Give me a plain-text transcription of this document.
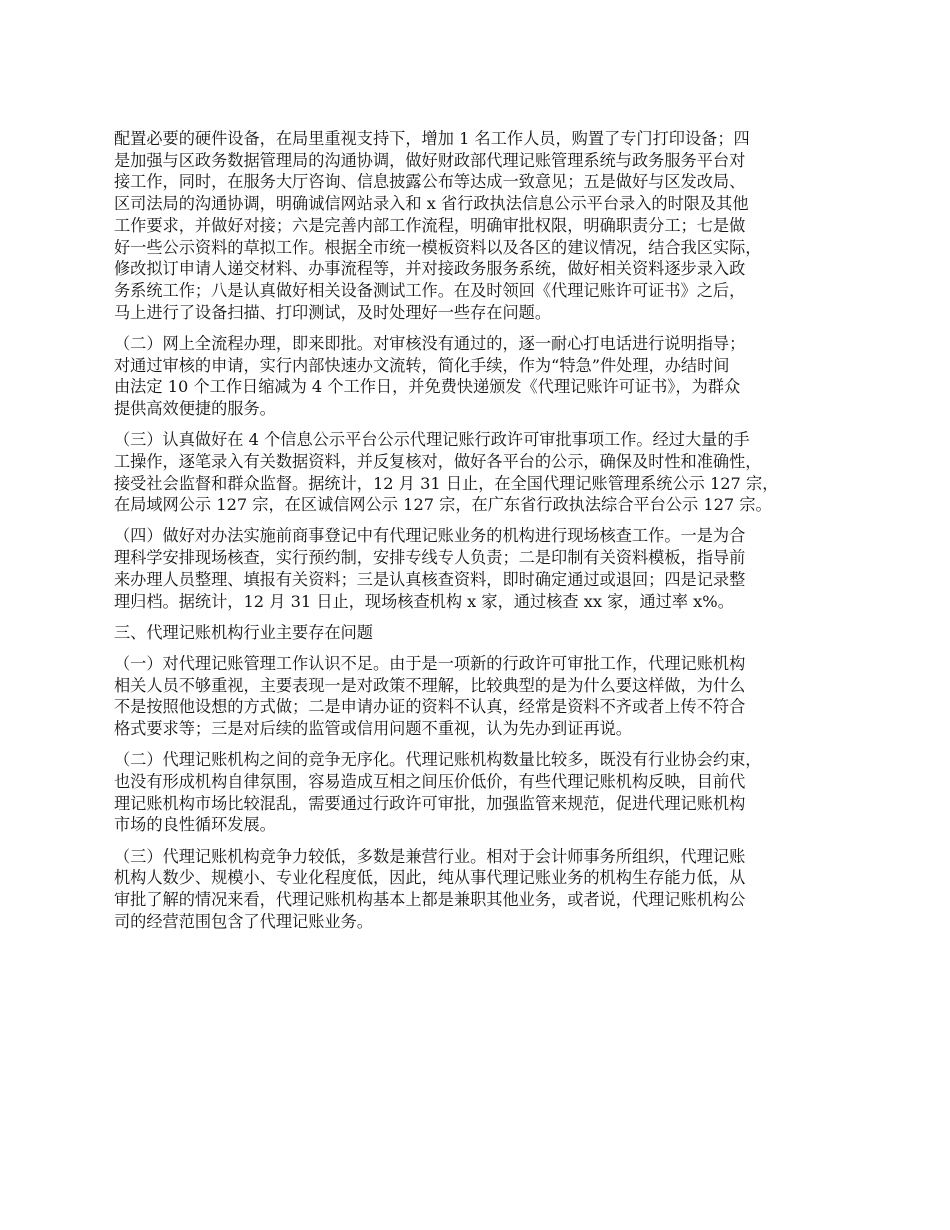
配置必要的硬件设备，在局里重视支持下，增加 1 名工作人员，购置了专门打印设备；四
是加强与区政务数据管理局的沟通协调，做好财政部代理记账管理系统与政务服务平台对
接工作，同时，在服务大厅咨询、信息披露公布等达成一致意见；五是做好与区发改局、
区司法局的沟通协调，明确诚信网站录入和 x 省行政执法信息公示平台录入的时限及其他
工作要求，并做好对接；六是完善内部工作流程，明确审批权限，明确职责分工；七是做
好一些公示资料的草拟工作。根据全市统一模板资料以及各区的建议情况，结合我区实际，
修改拟订申请人递交材料、办事流程等，并对接政务服务系统，做好相关资料逐步录入政
务系统工作；八是认真做好相关设备测试工作。在及时领回《代理记账许可证书》之后，
马上进行了设备扫描、打印测试，及时处理好一些存在问题。
（二）网上全流程办理，即来即批。对审核没有通过的，逐一耐心打电话进行说明指导；
对通过审核的申请，实行内部快速办文流转，简化手续，作为“特急”件处理，办结时间
由法定 10 个工作日缩减为 4 个工作日，并免费快递颁发《代理记账许可证书》，为群众
提供高效便捷的服务。
（三）认真做好在 4 个信息公示平台公示代理记账行政许可审批事项工作。经过大量的手
工操作，逐笔录入有关数据资料，并反复核对，做好各平台的公示，确保及时性和准确性，
接受社会监督和群众监督。据统计，12 月 31 日止，在全国代理记账管理系统公示 127 宗，
在局域网公示 127 宗，在区诚信网公示 127 宗，在广东省行政执法综合平台公示 127 宗。
（四）做好对办法实施前商事登记中有代理记账业务的机构进行现场核查工作。一是为合
理科学安排现场核查，实行预约制，安排专线专人负责；二是印制有关资料模板，指导前
来办理人员整理、填报有关资料；三是认真核查资料，即时确定通过或退回；四是记录整
理归档。据统计，12 月 31 日止，现场核查机构 x 家，通过核查 xx 家，通过率 x%。
三、代理记账机构行业主要存在问题
（一）对代理记账管理工作认识不足。由于是一项新的行政许可审批工作，代理记账机构
相关人员不够重视，主要表现一是对政策不理解，比较典型的是为什么要这样做，为什么
不是按照他设想的方式做；二是申请办证的资料不认真，经常是资料不齐或者上传不符合
格式要求等；三是对后续的监管或信用问题不重视，认为先办到证再说。
（二）代理记账机构之间的竞争无序化。代理记账机构数量比较多，既没有行业协会约束，
也没有形成机构自律氛围，容易造成互相之间压价低价，有些代理记账机构反映，目前代
理记账机构市场比较混乱，需要通过行政许可审批，加强监管来规范，促进代理记账机构
市场的良性循环发展。
（三）代理记账机构竞争力较低，多数是兼营行业。相对于会计师事务所组织，代理记账
机构人数少、规模小、专业化程度低，因此，纯从事代理记账业务的机构生存能力低，从
审批了解的情况来看，代理记账机构基本上都是兼职其他业务，或者说，代理记账机构公
司的经营范围包含了代理记账业务。
